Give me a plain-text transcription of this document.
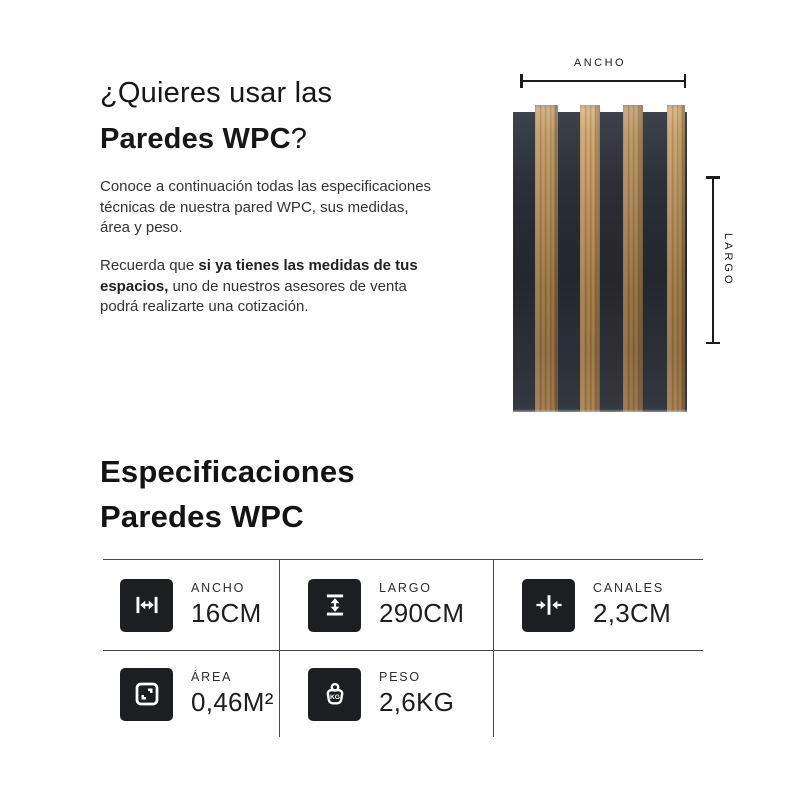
¿Quieres usar las
Paredes WPC?

Conoce a continuación todas las especificaciones técnicas de nuestra pared WPC, sus medidas, área y peso.

Recuerda que si ya tienes las medidas de tus espacios, uno de nuestros asesores de venta podrá realizarte una cotización.

ANCHO
LARGO
Especificaciones
Paredes WPC
ANCHO
16CM
LARGO
290CM
CANALES
2,3CM
ÁREA
0,46M²	KG
PESO
2,6KG
